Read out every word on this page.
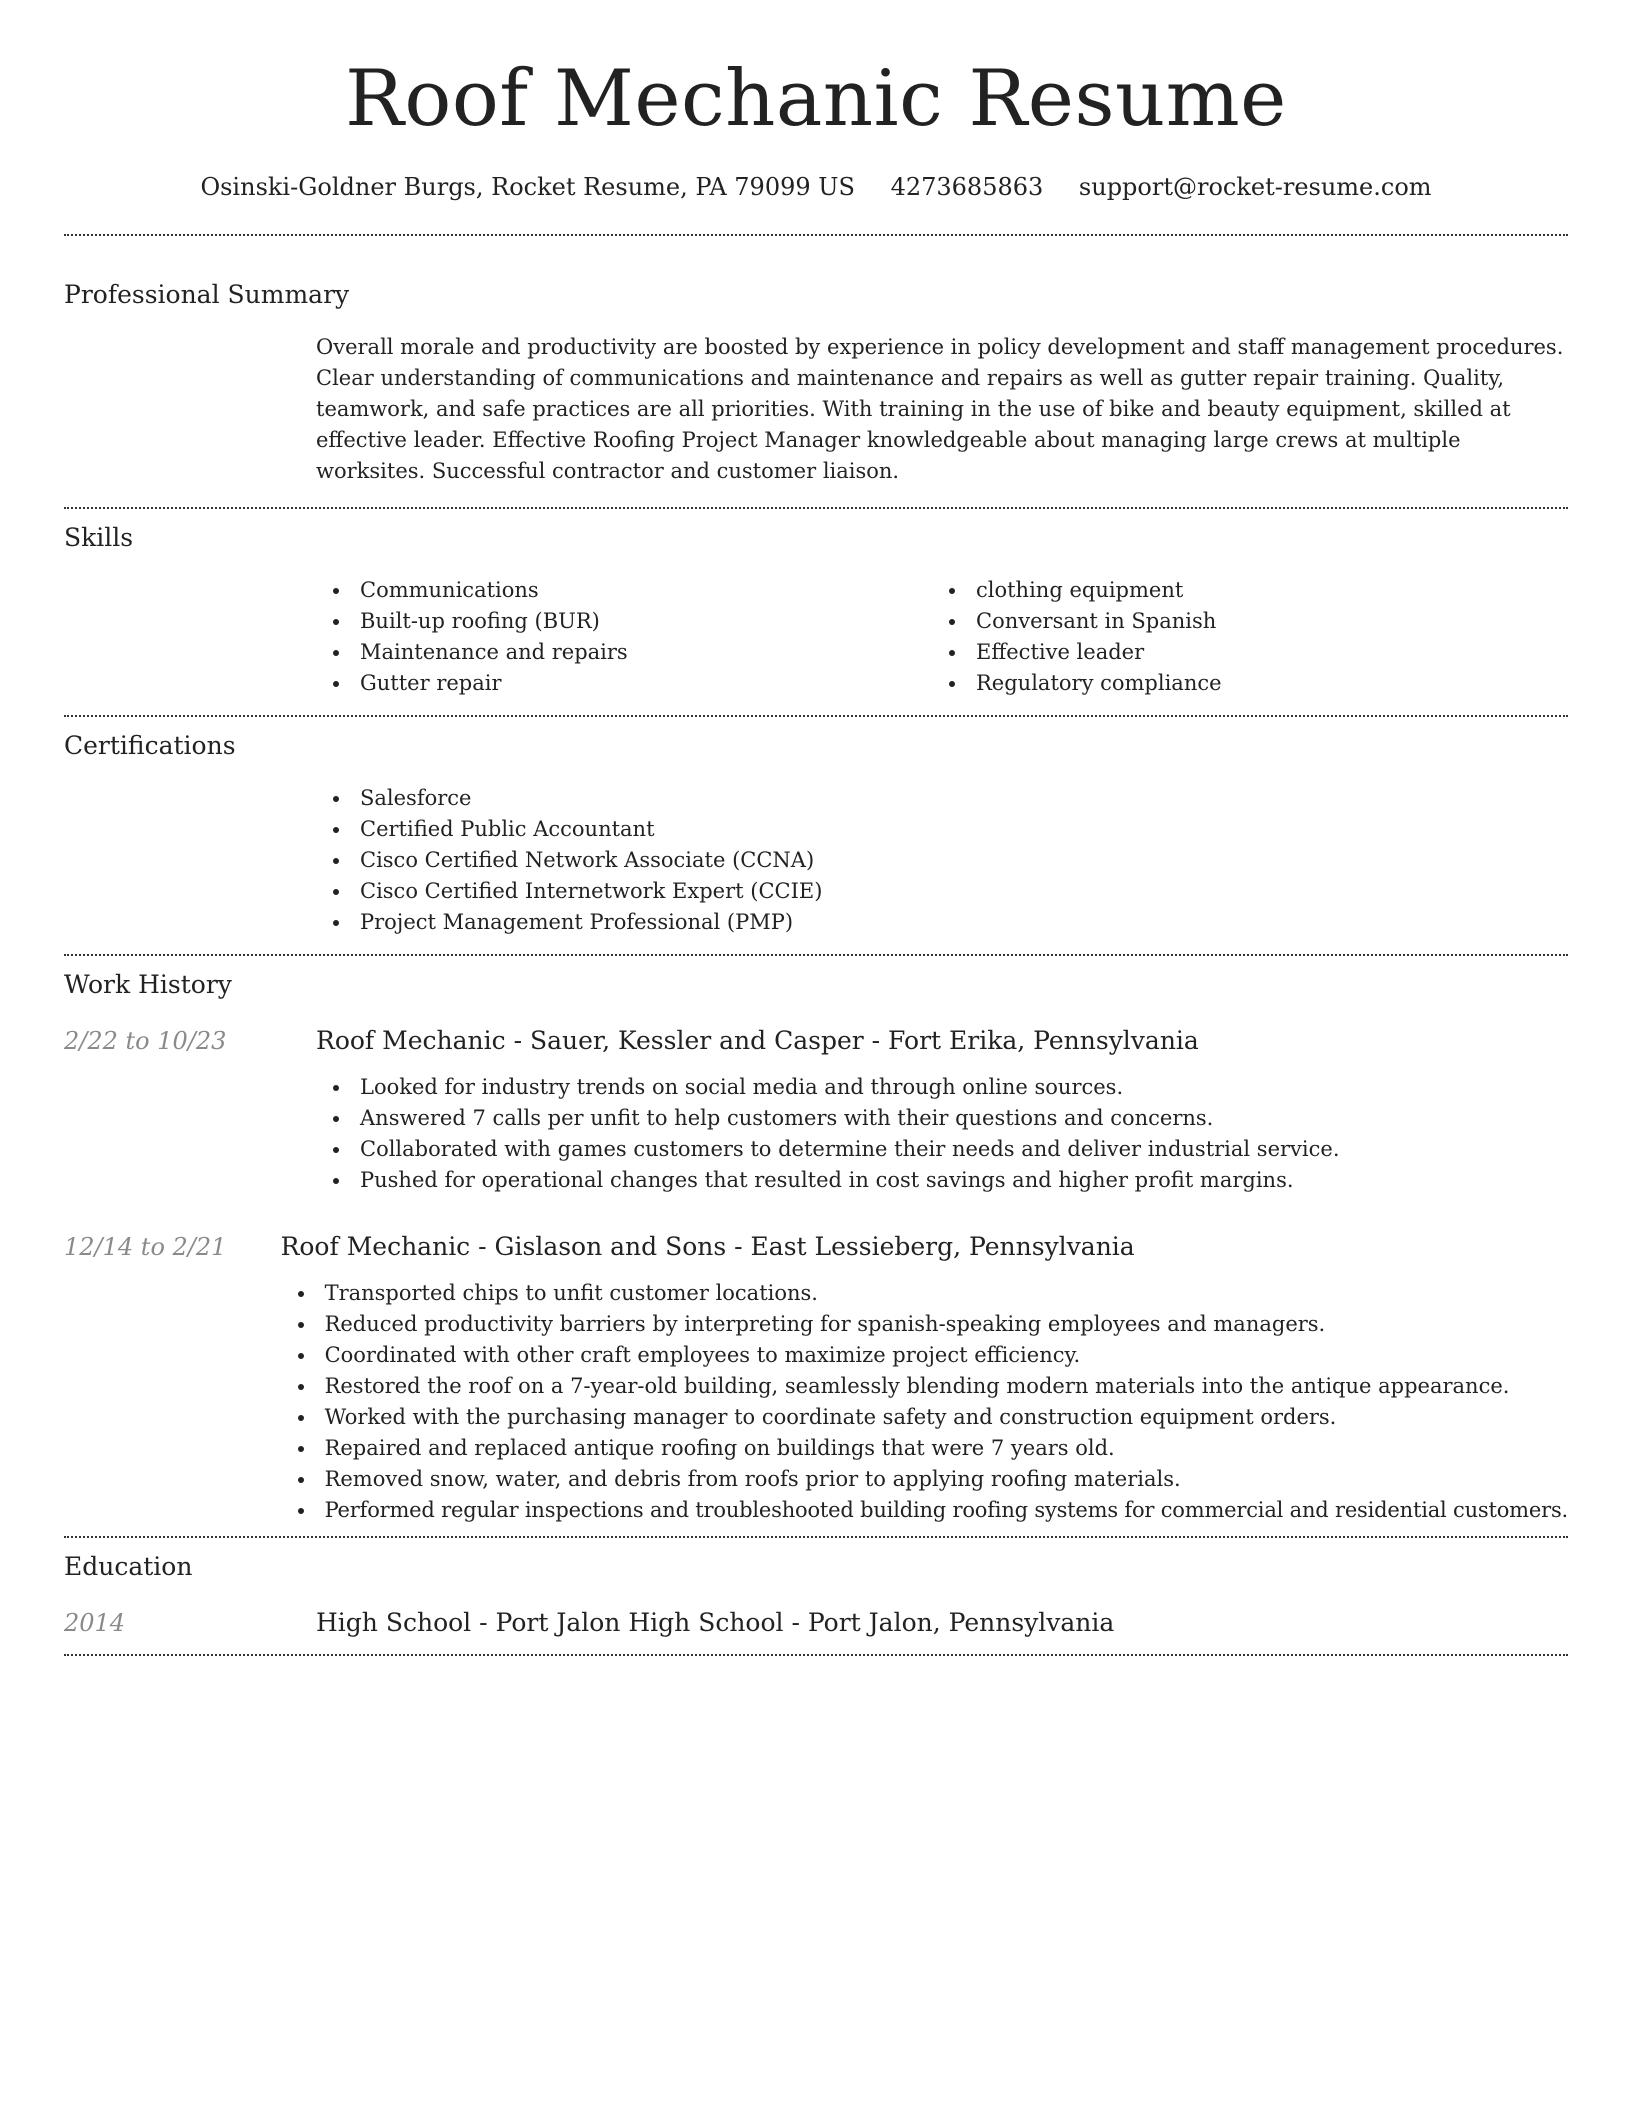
Roof Mechanic Resume
Osinski-Goldner Burgs, Rocket Resume, PA 79099 US 4273685863 support@rocket-resume.com
Professional Summary
Overall morale and productivity are boosted by experience in policy development and staff management procedures. Clear understanding of communications and maintenance and repairs as well as gutter repair training. Quality, teamwork, and safe practices are all priorities. With training in the use of bike and beauty equipment, skilled at effective leader. Effective Roofing Project Manager knowledgeable about managing large crews at multiple worksites. Successful contractor and customer liaison.
Skills
Communications
Built-up roofing (BUR)
Maintenance and repairs
Gutter repair
clothing equipment
Conversant in Spanish
Effective leader
Regulatory compliance
Certifications
Salesforce
Certified Public Accountant
Cisco Certified Network Associate (CCNA)
Cisco Certified Internetwork Expert (CCIE)
Project Management Professional (PMP)
Work History
2/22 to 10/23	Roof Mechanic - Sauer, Kessler and Casper - Fort Erika, Pennsylvania
Looked for industry trends on social media and through online sources.
Answered 7 calls per unfit to help customers with their questions and concerns.
Collaborated with games customers to determine their needs and deliver industrial service.
Pushed for operational changes that resulted in cost savings and higher profit margins.
12/14 to 2/21	Roof Mechanic - Gislason and Sons - East Lessieberg, Pennsylvania
Transported chips to unfit customer locations.
Reduced productivity barriers by interpreting for spanish-speaking employees and managers.
Coordinated with other craft employees to maximize project efficiency.
Restored the roof on a 7-year-old building, seamlessly blending modern materials into the antique appearance.
Worked with the purchasing manager to coordinate safety and construction equipment orders.
Repaired and replaced antique roofing on buildings that were 7 years old.
Removed snow, water, and debris from roofs prior to applying roofing materials.
Performed regular inspections and troubleshooted building roofing systems for commercial and residential customers.
Education
2014	High School - Port Jalon High School - Port Jalon, Pennsylvania
